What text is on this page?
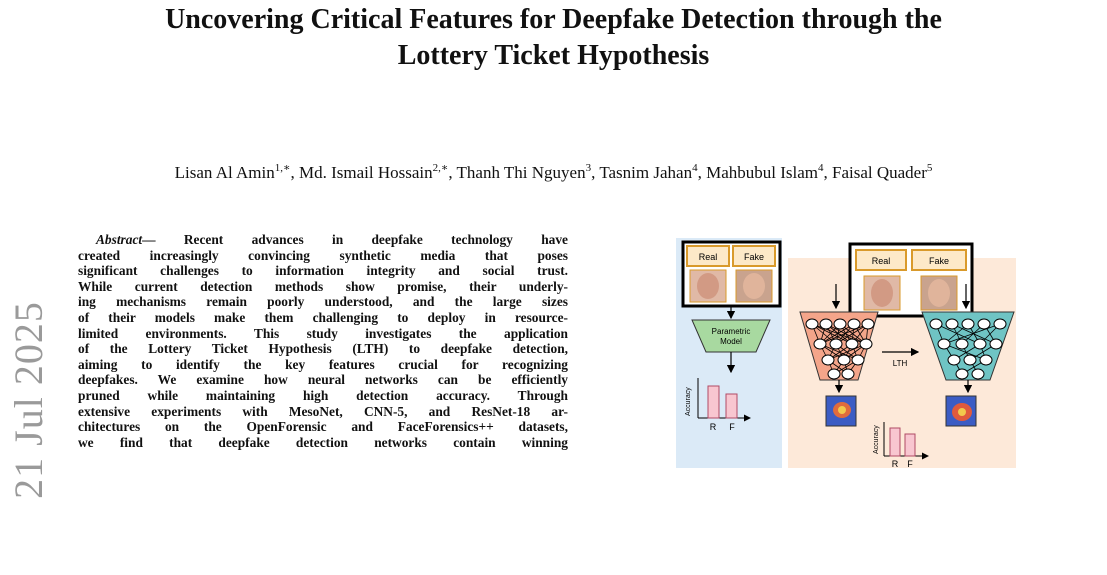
Uncovering Critical Features for Deepfake Detection through the
Lottery Ticket Hypothesis
Lisan Al Amin$^{1,∗}$, Md. Ismail Hossain$^{2,∗}$, Thanh Thi Nguyen$^3$, Tasnim Jahan$^4$, Mahbubul Islam$^4$, Faisal Quader$^5$
21 Jul 2025
Abstract— Recent advances in deepfake technology have
created increasingly convincing synthetic media that poses
significant challenges to information integrity and social trust.
While current detection methods show promise, their underly-
ing mechanisms remain poorly understood, and the large sizes
of their models make them challenging to deploy in resource-
limited environments. This study investigates the application
of the Lottery Ticket Hypothesis (LTH) to deepfake detection,
aiming to identify the key features crucial for recognizing
deepfakes. We examine how neural networks can be efficiently
pruned while maintaining high detection accuracy. Through
extensive experiments with MesoNet, CNN-5, and ResNet-18 ar-
chitectures on the OpenForensic and FaceForensics++ datasets,
we find that deepfake detection networks contain winning
Real	Fake
Parametric
Model
Accuracy
R F
Real	Fake
LTH
Accuracy
R F
